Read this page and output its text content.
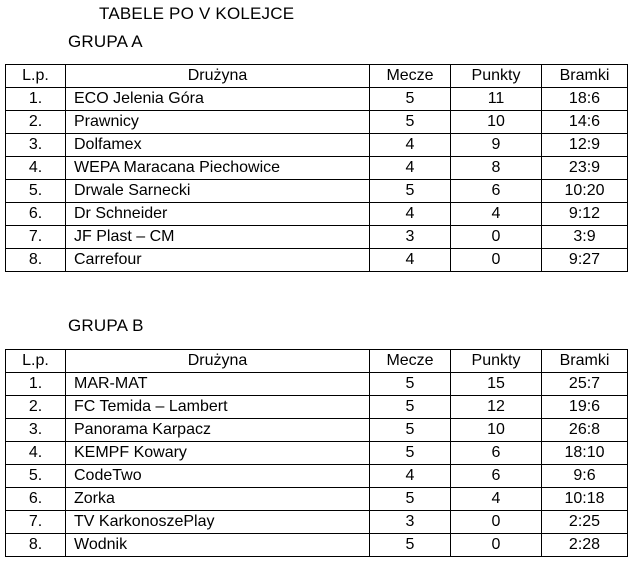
TABELE PO V KOLEJCE
GRUPA A
L.p.	Drużyna	Mecze	Punkty	Bramki
1.	ECO Jelenia Góra	5	11	18:6
2.	Prawnicy	5	10	14:6
3.	Dolfamex	4	9	12:9
4.	WEPA Maracana Piechowice	4	8	23:9
5.	Drwale Sarnecki	5	6	10:20
6.	Dr Schneider	4	4	9:12
7.	JF Plast – CM	3	0	3:9
8.	Carrefour	4	0	9:27
GRUPA B
L.p.	Drużyna	Mecze	Punkty	Bramki
1.	MAR-MAT	5	15	25:7
2.	FC Temida – Lambert	5	12	19:6
3.	Panorama Karpacz	5	10	26:8
4.	KEMPF Kowary	5	6	18:10
5.	CodeTwo	4	6	9:6
6.	Zorka	5	4	10:18
7.	TV KarkonoszePlay	3	0	2:25
8.	Wodnik	5	0	2:28
